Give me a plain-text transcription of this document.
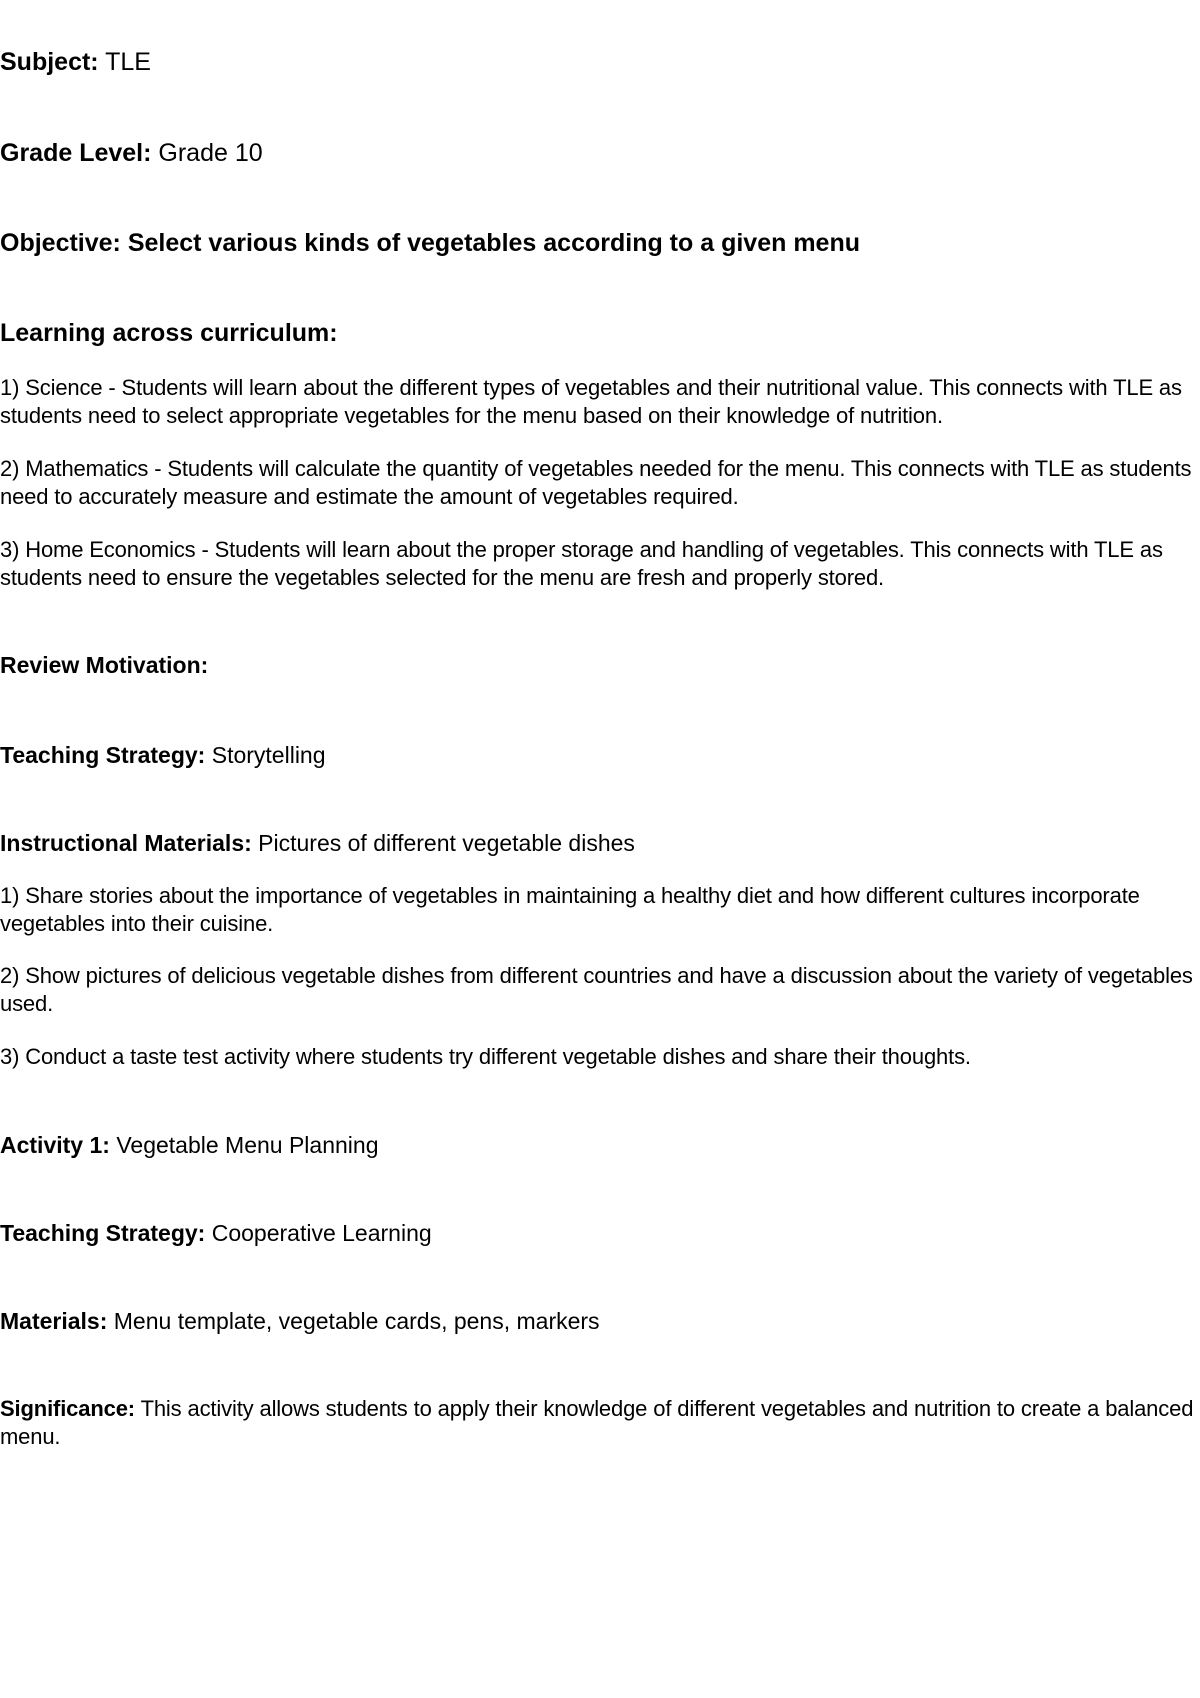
Subject: TLE

Grade Level: Grade 10

Objective: Select various kinds of vegetables according to a given menu

Learning across curriculum:

1) Science - Students will learn about the different types of vegetables and their nutritional value. This connects with TLE as students need to select appropriate vegetables for the menu based on their knowledge of nutrition.

2) Mathematics - Students will calculate the quantity of vegetables needed for the menu. This connects with TLE as students need to accurately measure and estimate the amount of vegetables required.

3) Home Economics - Students will learn about the proper storage and handling of vegetables. This connects with TLE as students need to ensure the vegetables selected for the menu are fresh and properly stored.

Review Motivation:

Teaching Strategy: Storytelling

Instructional Materials: Pictures of different vegetable dishes

1) Share stories about the importance of vegetables in maintaining a healthy diet and how different cultures incorporate vegetables into their cuisine.

2) Show pictures of delicious vegetable dishes from different countries and have a discussion about the variety of vegetables used.

3) Conduct a taste test activity where students try different vegetable dishes and share their thoughts.

Activity 1: Vegetable Menu Planning

Teaching Strategy: Cooperative Learning

Materials: Menu template, vegetable cards, pens, markers

Significance: This activity allows students to apply their knowledge of different vegetables and nutrition to create a balanced menu.
